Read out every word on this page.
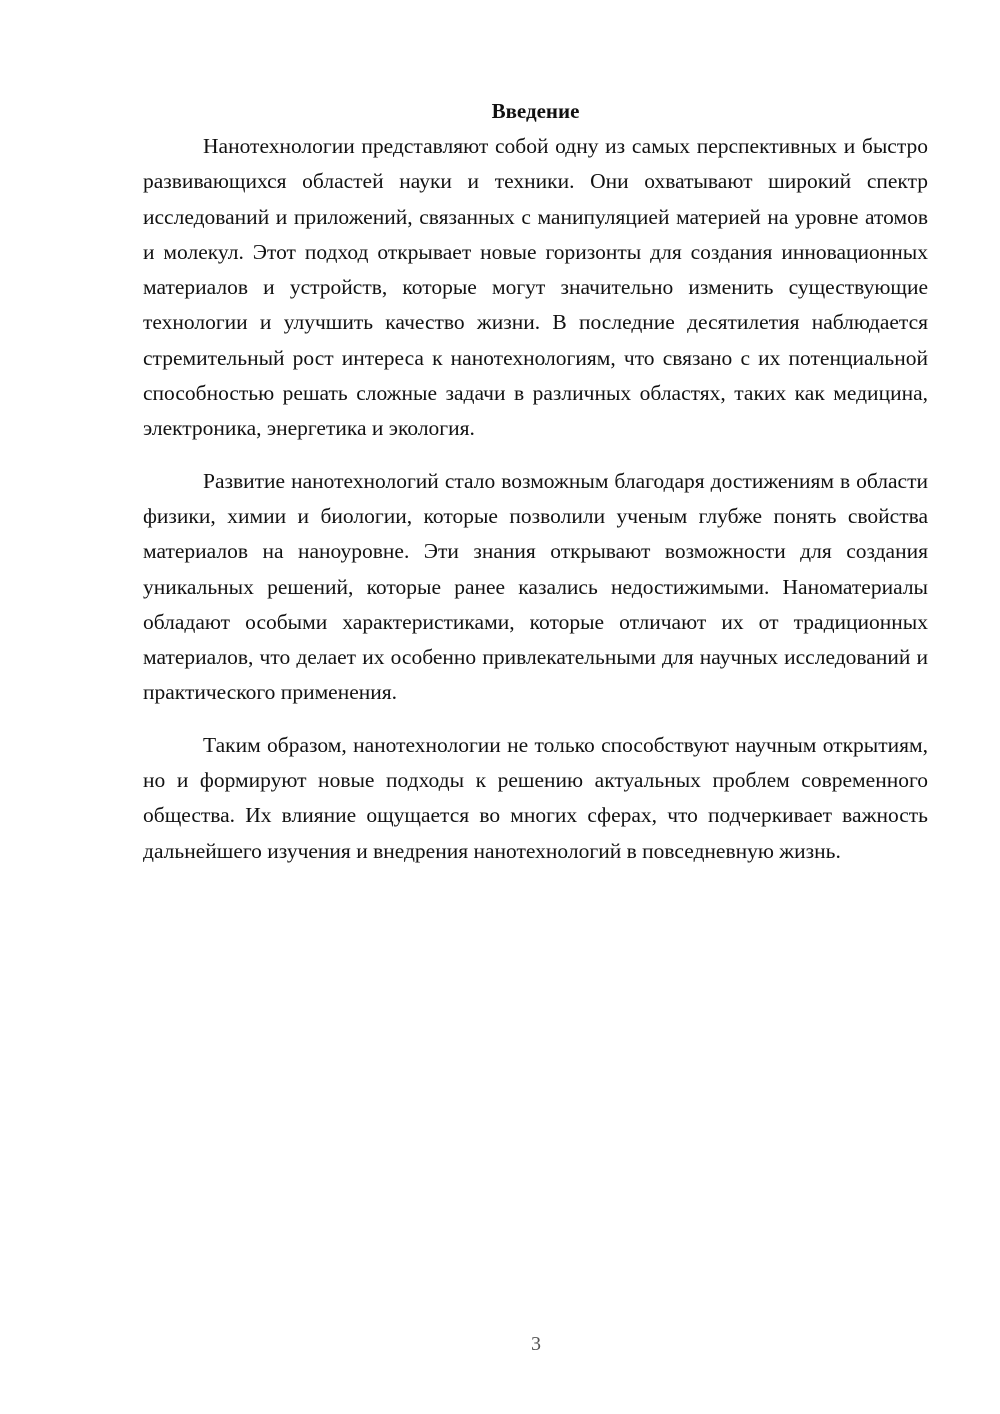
Введение

Нанотехнологии представляют собой одну из самых перспективных и быстро развивающихся областей науки и техники. Они охватывают широкий спектр исследований и приложений, связанных с манипуляцией материей на уровне атомов и молекул. Этот подход открывает новые горизонты для создания инновационных материалов и устройств, которые могут значительно изменить существующие технологии и улучшить качество жизни. В последние десятилетия наблюдается стремительный рост интереса к нанотехнологиям, что связано с их потенциальной способностью решать сложные задачи в различных областях, таких как медицина, электроника, энергетика и экология.

Развитие нанотехнологий стало возможным благодаря достижениям в области физики, химии и биологии, которые позволили ученым глубже понять свойства материалов на наноуровне. Эти знания открывают возможности для создания уникальных решений, которые ранее казались недостижимыми. Наноматериалы обладают особыми характеристиками, которые отличают их от традиционных материалов, что делает их особенно привлекательными для научных исследований и практического применения.

Таким образом, нанотехнологии не только способствуют научным открытиям, но и формируют новые подходы к решению актуальных проблем современного общества. Их влияние ощущается во многих сферах, что подчеркивает важность дальнейшего изучения и внедрения нанотехнологий в повседневную жизнь.

3
